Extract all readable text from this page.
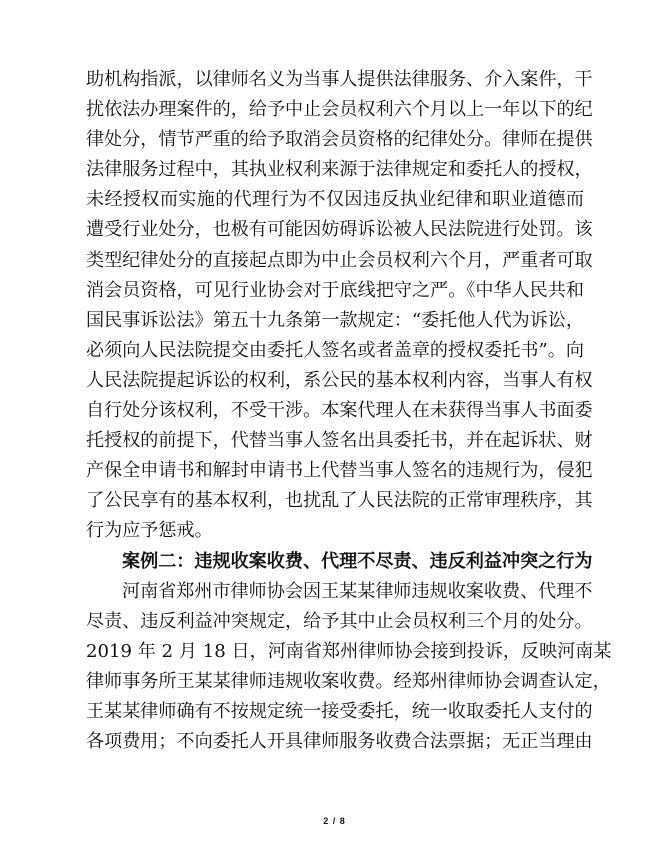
助机构指派，以律师名义为当事人提供法律服务、介入案件，干
扰依法办理案件的，给予中止会员权利六个月以上一年以下的纪
律处分，情节严重的给予取消会员资格的纪律处分。律师在提供
法律服务过程中，其执业权利来源于法律规定和委托人的授权，
未经授权而实施的代理行为不仅因违反执业纪律和职业道德而
遭受行业处分，也极有可能因妨碍诉讼被人民法院进行处罚。该
类型纪律处分的直接起点即为中止会员权利六个月，严重者可取
消会员资格，可见行业协会对于底线把守之严。《中华人民共和
国民事诉讼法》第五十九条第一款规定：“委托他人代为诉讼，
必须向人民法院提交由委托人签名或者盖章的授权委托书”。向
人民法院提起诉讼的权利，系公民的基本权利内容，当事人有权
自行处分该权利，不受干涉。本案代理人在未获得当事人书面委
托授权的前提下，代替当事人签名出具委托书，并在起诉状、财
产保全申请书和解封申请书上代替当事人签名的违规行为，侵犯
了公民享有的基本权利，也扰乱了人民法院的正常审理秩序，其
行为应予惩戒。
案例二：违规收案收费、代理不尽责、违反利益冲突之行为
河南省郑州市律师协会因王某某律师违规收案收费、代理不
尽责、违反利益冲突规定，给予其中止会员权利三个月的处分。
2019 年 2 月 18 日，河南省郑州律师协会接到投诉，反映河南某
律师事务所王某某律师违规收案收费。经郑州律师协会调查认定，
王某某律师确有不按规定统一接受委托，统一收取委托人支付的
各项费用；不向委托人开具律师服务收费合法票据；无正当理由
2 / 8
